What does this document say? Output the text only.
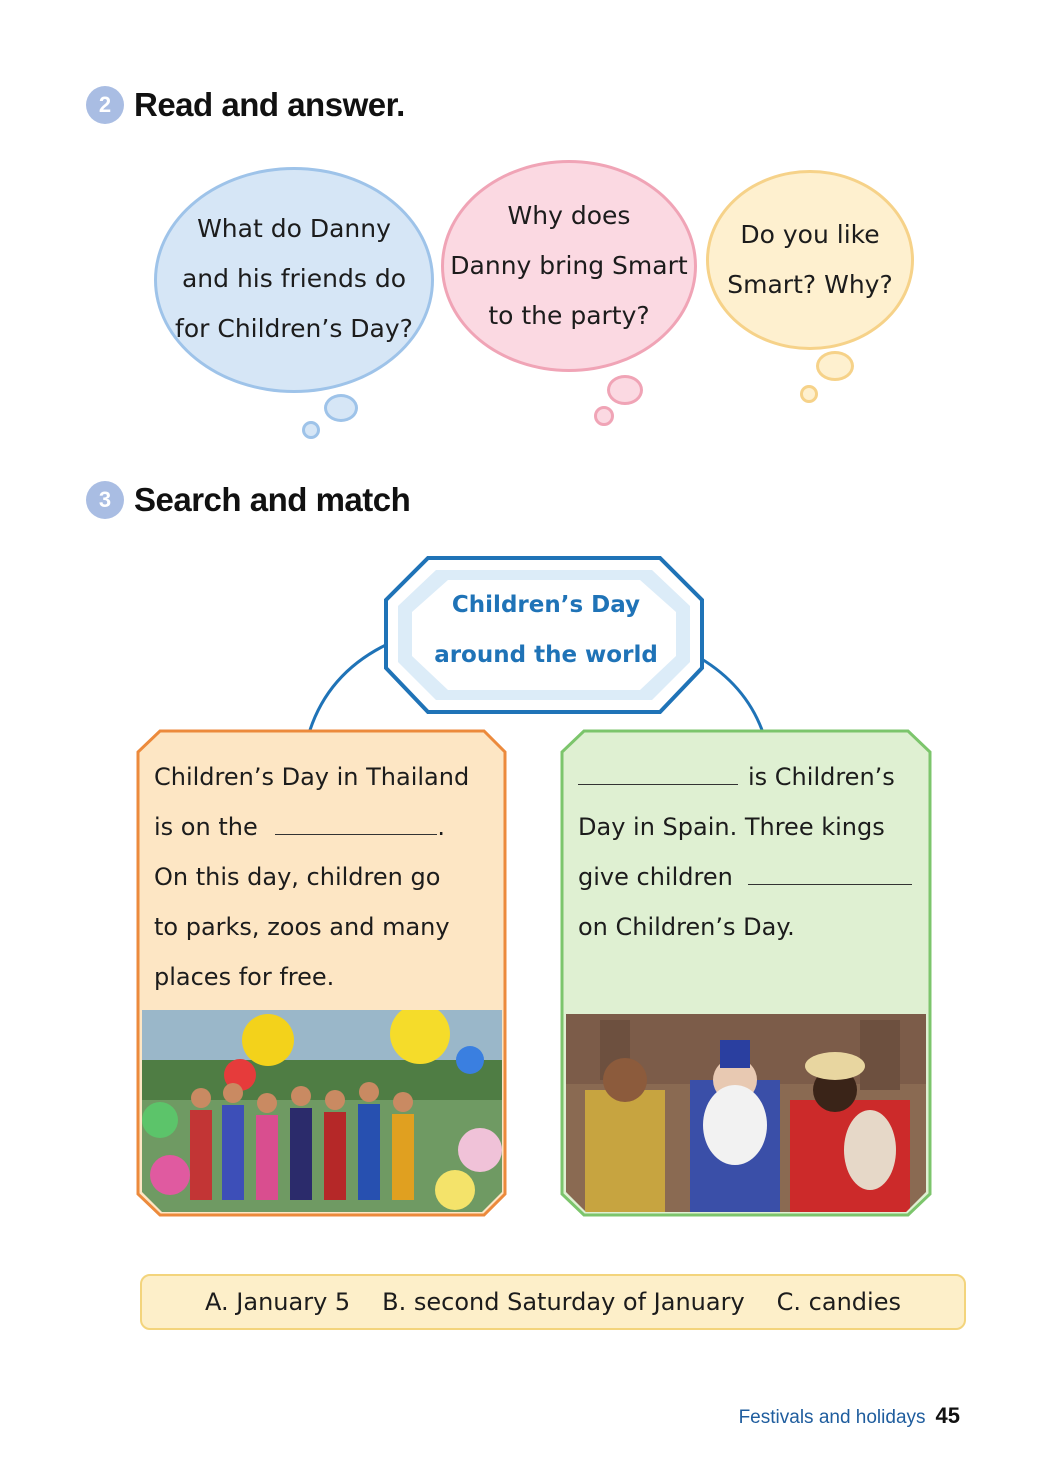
2 Read and answer.
What do Danny
and his friends do
for Children’s Day?
Why does
Danny bring Smart
to the party?
Do you like
Smart? Why?
3 Search and match
Children’s Day
around the world
Children’s Day in Thailand
is on the	.
On this day, children go
to parks, zoos and many
places for free.
is Children’s
Day in Spain. Three kings
give children
on Children’s Day.
A. January 5 B. second Saturday of January C. candies
Festivals and holidays 45
